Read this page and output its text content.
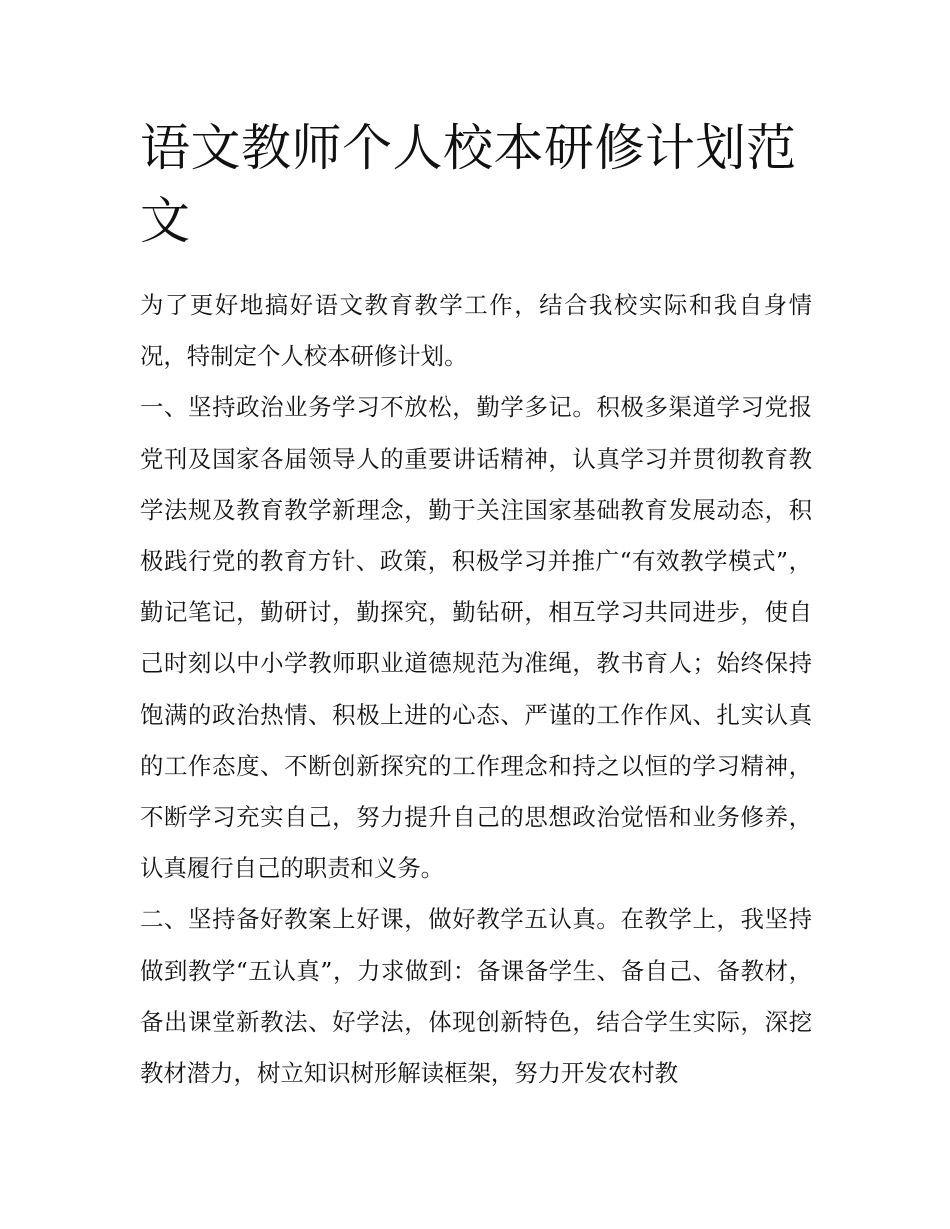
语文教师个人校本研修计划范文

为了更好地搞好语文教育教学工作，结合我校实际和我自身情况，特制定个人校本研修计划。

一、坚持政治业务学习不放松，勤学多记。积极多渠道学习党报党刊及国家各届领导人的重要讲话精神，认真学习并贯彻教育教学法规及教育教学新理念，勤于关注国家基础教育发展动态，积极践行党的教育方针、政策，积极学习并推广“有效教学模式”，勤记笔记，勤研讨，勤探究，勤钻研，相互学习共同进步，使自己时刻以中小学教师职业道德规范为准绳，教书育人；始终保持饱满的政治热情、积极上进的心态、严谨的工作作风、扎实认真的工作态度、不断创新探究的工作理念和持之以恒的学习精神，不断学习充实自己，努力提升自己的思想政治觉悟和业务修养，认真履行自己的职责和义务。

二、坚持备好教案上好课，做好教学五认真。在教学上，我坚持做到教学“五认真”，力求做到：备课备学生、备自己、备教材，备出课堂新教法、好学法，体现创新特色，结合学生实际，深挖教材潜力，树立知识树形解读框架，努力开发农村教
